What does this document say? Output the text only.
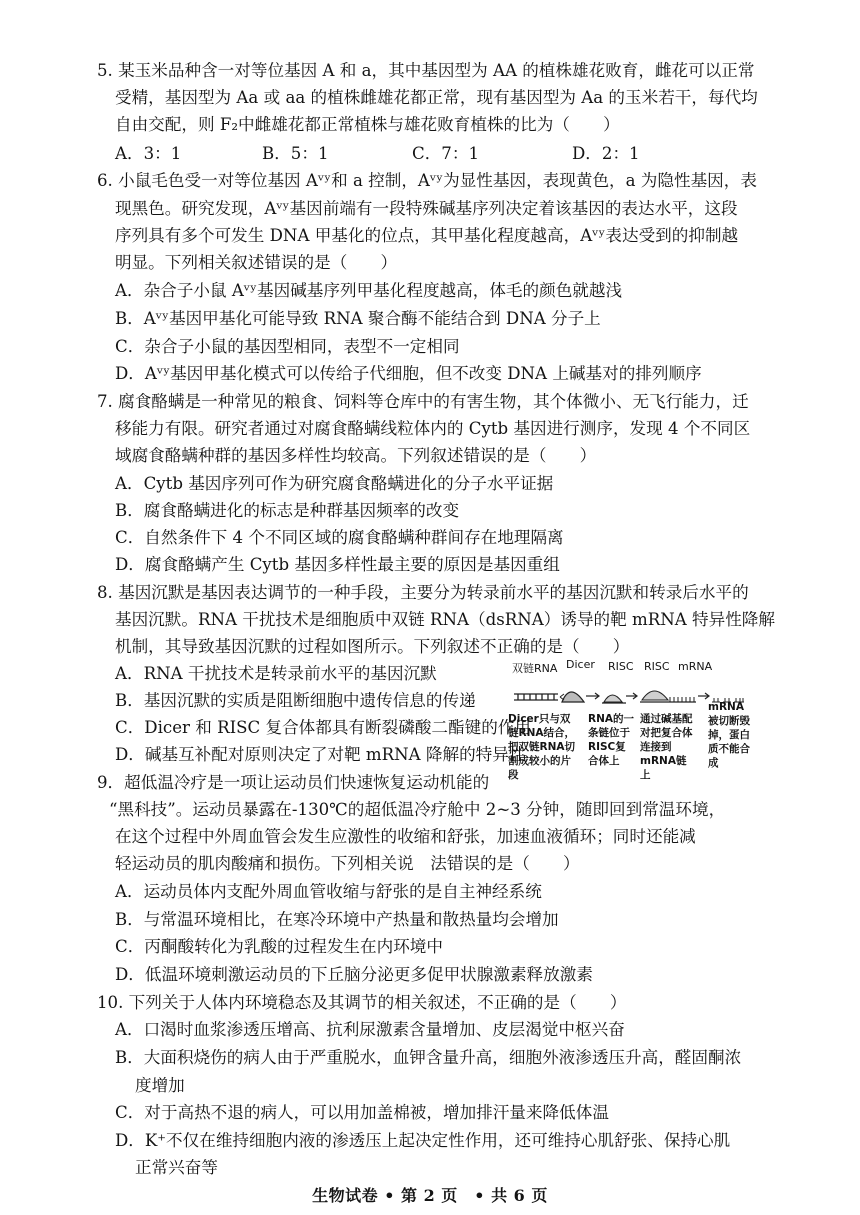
5. 某玉米品种含一对等位基因 A 和 a，其中基因型为 AA 的植株雄花败育，雌花可以正常
受精，基因型为 Aa 或 aa 的植株雌雄花都正常，现有基因型为 Aa 的玉米若干，每代均
自由交配，则 F₂中雌雄花都正常植株与雄花败育植株的比为（　　）
A．3：1	B．5：1	C．7：1	D．2：1
6. 小鼠毛色受一对等位基因 Aᵛʸ和 a 控制，Aᵛʸ为显性基因，表现黄色，a 为隐性基因，表
现黑色。研究发现，Aᵛʸ基因前端有一段特殊碱基序列决定着该基因的表达水平，这段
序列具有多个可发生 DNA 甲基化的位点，其甲基化程度越高，Aᵛʸ表达受到的抑制越
明显。下列相关叙述错误的是（　　）
A．杂合子小鼠 Aᵛʸ基因碱基序列甲基化程度越高，体毛的颜色就越浅
B．Aᵛʸ基因甲基化可能导致 RNA 聚合酶不能结合到 DNA 分子上
C．杂合子小鼠的基因型相同，表型不一定相同
D．Aᵛʸ基因甲基化模式可以传给子代细胞，但不改变 DNA 上碱基对的排列顺序
7. 腐食酪螨是一种常见的粮食、饲料等仓库中的有害生物，其个体微小、无飞行能力，迁
移能力有限。研究者通过对腐食酪螨线粒体内的 Cytb 基因进行测序，发现 4 个不同区
域腐食酪螨种群的基因多样性均较高。下列叙述错误的是（　　）
A．Cytb 基因序列可作为研究腐食酪螨进化的分子水平证据
B．腐食酪螨进化的标志是种群基因频率的改变
C．自然条件下 4 个不同区域的腐食酪螨种群间存在地理隔离
D．腐食酪螨产生 Cytb 基因多样性最主要的原因是基因重组
8. 基因沉默是基因表达调节的一种手段，主要分为转录前水平的基因沉默和转录后水平的
基因沉默。RNA 干扰技术是细胞质中双链 RNA（dsRNA）诱导的靶 mRNA 特异性降解
机制，其导致基因沉默的过程如图所示。下列叙述不正确的是（　　）
A．RNA 干扰技术是转录前水平的基因沉默
B．基因沉默的实质是阻断细胞中遗传信息的传递
C．Dicer 和 RISC 复合体都具有断裂磷酸二酯键的作用
D．碱基互补配对原则决定了对靶 mRNA 降解的特异性
双链RNA Dicer RISC RISC mRNA
Dicer只与双链RNA结合，把双链RNA切割成较小的片段
RNA的一条链位于RISC复合体上
通过碱基配对把复合体连接到mRNA链上
mRNA被切断毁掉，蛋白质不能合成
9．超低温冷疗是一项让运动员们快速恢复运动机能的
“黑科技”。运动员暴露在-130℃的超低温冷疗舱中 2~3 分钟，随即回到常温环境，
在这个过程中外周血管会发生应激性的收缩和舒张，加速血液循环；同时还能减
轻运动员的肌肉酸痛和损伤。下列相关说　法错误的是（　　）
A．运动员体内支配外周血管收缩与舒张的是自主神经系统
B．与常温环境相比，在寒冷环境中产热量和散热量均会增加
C．丙酮酸转化为乳酸的过程发生在内环境中
D．低温环境刺激运动员的下丘脑分泌更多促甲状腺激素释放激素
10. 下列关于人体内环境稳态及其调节的相关叙述，不正确的是（　　）
A．口渴时血浆渗透压增高、抗利尿激素含量增加、皮层渴觉中枢兴奋
B．大面积烧伤的病人由于严重脱水，血钾含量升高，细胞外液渗透压升高，醛固酮浓
度增加
C．对于高热不退的病人，可以用加盖棉被，增加排汗量来降低体温
D．K⁺不仅在维持细胞内液的渗透压上起决定性作用，还可维持心肌舒张、保持心肌
正常兴奋等
生物试卷 • 第 2 页　• 共 6 页
